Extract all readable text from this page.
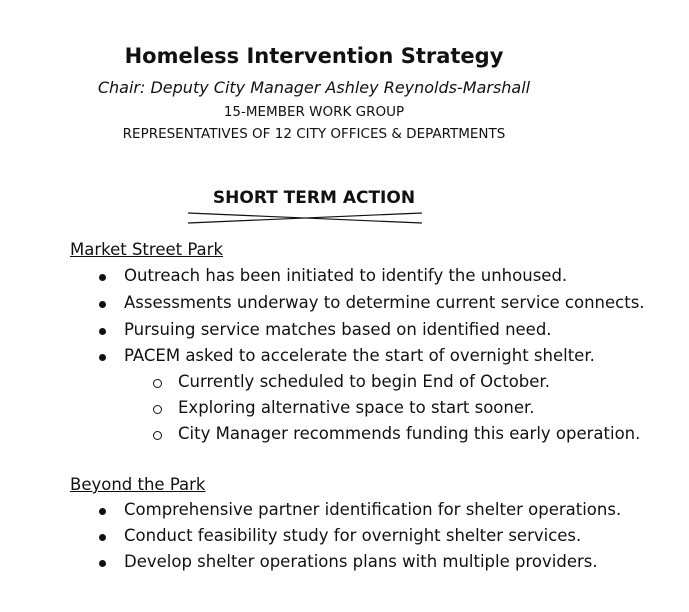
Homeless Intervention Strategy
Chair: Deputy City Manager Ashley Reynolds-Marshall
15-MEMBER WORK GROUP
REPRESENTATIVES OF 12 CITY OFFICES & DEPARTMENTS
SHORT TERM ACTION
Market Street Park
Outreach has been initiated to identify the unhoused.
Assessments underway to determine current service connects.
Pursuing service matches based on identified need.
PACEM asked to accelerate the start of overnight shelter.
Currently scheduled to begin End of October.
Exploring alternative space to start sooner.
City Manager recommends funding this early operation.
Beyond the Park
Comprehensive partner identification for shelter operations.
Conduct feasibility study for overnight shelter services.
Develop shelter operations plans with multiple providers.
